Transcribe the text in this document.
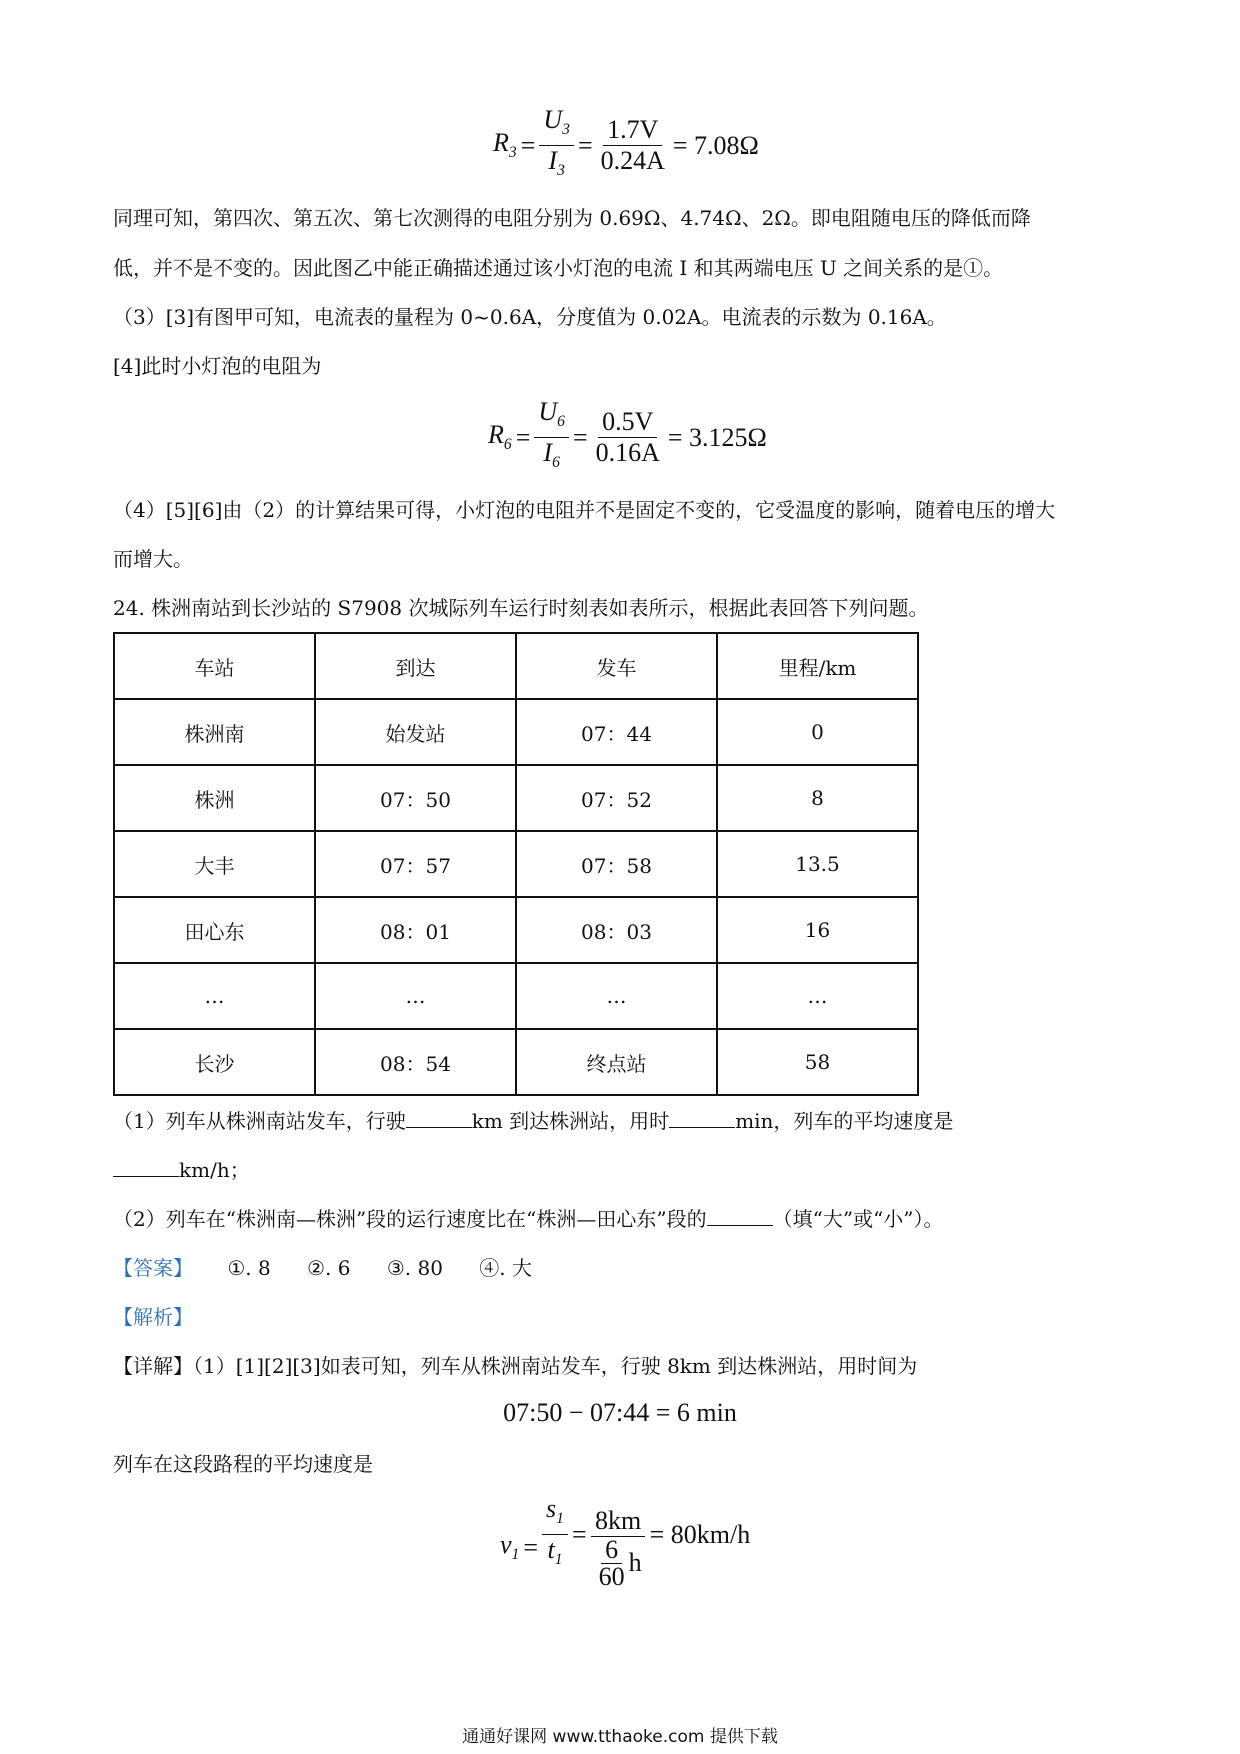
$R_3 = \frac{U_3}{I_3} = \frac{1.7V}{0.24A} = 7.08\Omega$
同理可知，第四次、第五次、第七次测得的电阻分别为 0.69Ω、4.74Ω、2Ω。即电阻随电压的降低而降
低，并不是不变的。因此图乙中能正确描述通过该小灯泡的电流 I 和其两端电压 U 之间关系的是①。
（3）[3]有图甲可知，电流表的量程为 0~0.6A，分度值为 0.02A。电流表的示数为 0.16A。
[4]此时小灯泡的电阻为
$R_6 = \frac{U_6}{I_6} = \frac{0.5V}{0.16A} = 3.125\Omega$
（4）[5][6]由（2）的计算结果可得，小灯泡的电阻并不是固定不变的，它受温度的影响，随着电压的增大
而增大。
24. 株洲南站到长沙站的 S7908 次城际列车运行时刻表如表所示，根据此表回答下列问题。
车站	到达	发车	里程/km
株洲南	始发站	07：44	0
株洲	07：50	07：52	8
大丰	07：57	07：58	13.5
田心东	08：01	08：03	16
…	…	…	…
长沙	08：54	终点站	58
（1）列车从株洲南站发车，行驶	km 到达株洲站，用时	min，列车的平均速度是
km/h；
（2）列车在“株洲南—株洲”段的运行速度比在“株洲—田心东”段的	（填“大”或“小”）。
【答案】 ①. 8 ②. 6 ③. 80 ④. 大
【解析】
【详解】（1）[1][2][3]如表可知，列车从株洲南站发车，行驶 8km 到达株洲站，用时间为
07:50 − 07:44 = 6 min
列车在这段路程的平均速度是
$v_1 = \frac{s_1}{t_1} = \frac{8km}{\frac{6}{60} h} = 80km/h$
通通好课网 www.tthaoke.com 提供下载
